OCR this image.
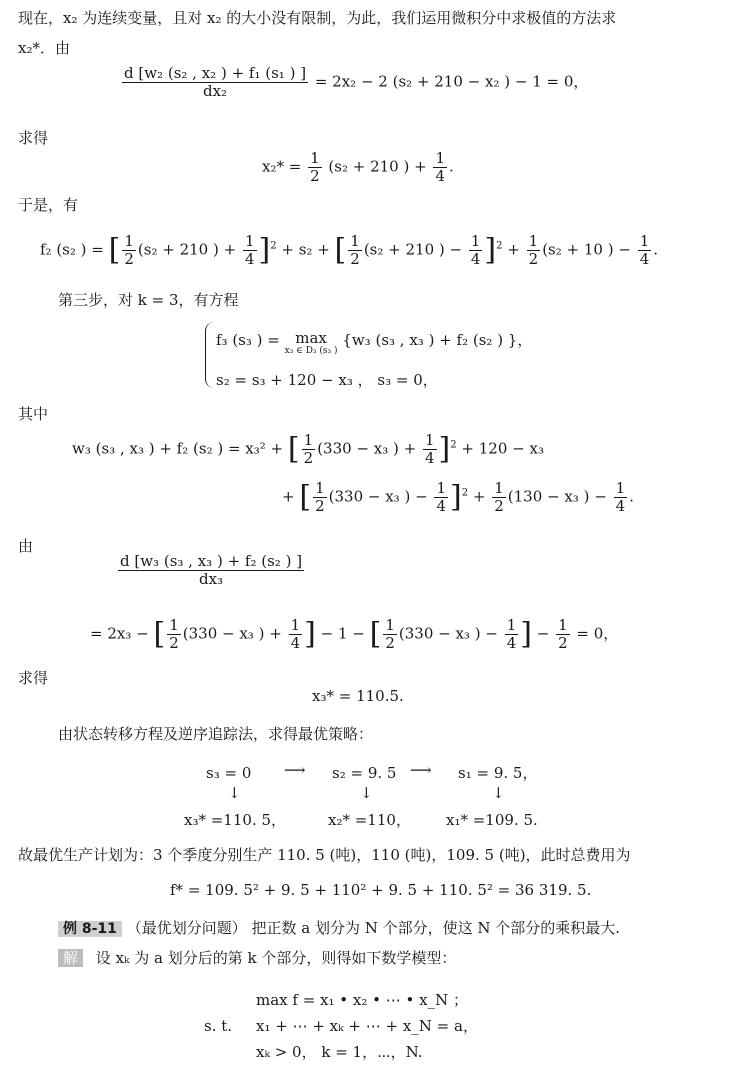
现在，x₂ 为连续变量，且对 x₂ 的大小没有限制，为此，我们运用微积分中求极值的方法求
x₂*．由
$\frac{\text{d [w₂ (s₂ , x₂ ) + f₁ (s₁ ) ]}}{\text{dx₂}} = 2x_2 - 2$ (s₂ + 210 − x₂ ) − 1 = 0，
求得
$x_2* = \frac{1}{2} (s_2 + 210$ ) + $\frac{1}{4}$ .
于是，有
f₂ (s₂ ) = [ $\frac{1}{2} (s_2 + 210$ ) + $\frac{1}{4} ]^2 + s_2$ + [ $\frac{1}{2} (s_2 + 210$ ) − $\frac{1}{4} ]^2 + \frac{1}{2} (s_2 + 10$ ) − $\frac{1}{4}$ .
第三步，对 k = 3，有方程
f₃ (s₃ ) =	max
x₃ ∈ D₃ (s₃ )
{w₃ (s₃ , x₃ ) + f₂ (s₂ ) }，
s₂ = s₃ + 120 − x₃ ， s₃ = 0，
其中
w₃ (s₃ , x₃ ) + f₂ (s₂ ) = x₃² + [ $\frac{1}{2} (330 - x_3$ ) + $\frac{1}{4} ]^2 + 120 - x_3$
+ [ $\frac{1}{2} (330 - x_3$ ) − $\frac{1}{4} ]^2 + \frac{1}{2} (130 - x_3$ ) − $\frac{1}{4}$ .
由
$\frac{\text{d [w₃ (s₃ , x₃ ) + f₂ (s₂ ) ]}}{\text{dx₃}}$
= 2x₃ − [ $\frac{1}{2} (330 - x_3$ ) + $\frac{1}{4}$ ] − 1 − [ $\frac{1}{2} (330 - x_3$ ) − $\frac{1}{4}$ ] − $\frac{1}{2} = 0$，
求得
x₃* = 110.5.
由状态转移方程及逆序追踪法，求得最优策略：
s₃ = 0 ⟶ s₂ = 9. 5 ⟶ s₁ = 9. 5，
↓	↓	↓
x₃* =110. 5，	x₂* =110， x₁* =109. 5.
故最优生产计划为：3 个季度分别生产 110. 5 (吨)，110 (吨)，109. 5 (吨)，此时总费用为
f* = 109. 5² + 9. 5 + 110² + 9. 5 + 110. 5² = 36 319. 5.
例 8-11 （最优划分问题） 把正数 a 划分为 N 个部分，使这 N 个部分的乘积最大.
解 设 xₖ 为 a 划分后的第 k 个部分，则得如下数学模型：
max f = x₁ • x₂ • ⋯ • x_N ；
s. t. x₁ + ⋯ + xₖ + ⋯ + x_N = a，
xₖ > 0， k = 1，⋯，N.
